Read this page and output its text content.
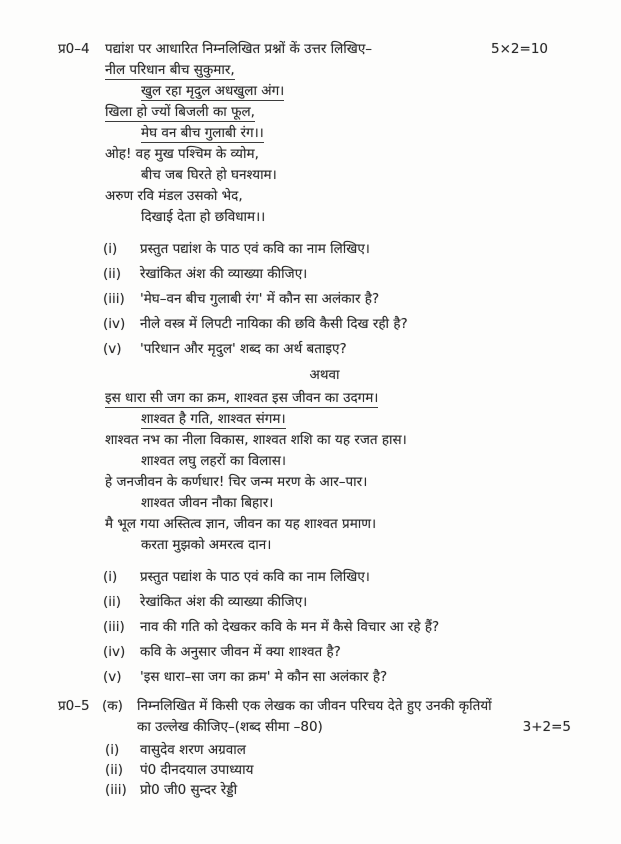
प्र0–4	पद्यांश पर आधारित निम्नलिखित प्रश्नों कें उत्तर लिखिए–	5×2=10
नील परिधान बीच सुकुमार,
खुल रहा मृदुल अधखुला अंग।
खिला हो ज्यों बिजली का फूल,
मेघ वन बीच गुलाबी रंग।।
ओह! वह मुख पश्चिम के व्योम,
बीच जब घिरते हो घनश्याम।
अरुण रवि मंडल उसको भेद,
दिखाई देता हो छविधाम।।
(i)	प्रस्तुत पद्यांश के पाठ एवं कवि का नाम लिखिए।
(ii)	रेखांकित अंश की व्याख्या कीजिए।
(iii)	'मेघ–वन बीच गुलाबी रंग' में कौन सा अलंकार है?
(iv)	नीले वस्त्र में लिपटी नायिका की छवि कैसी दिख रही है?
(v)	'परिधान और मृदुल' शब्द का अर्थ बताइए?
अथवा
इस धारा सी जग का क्रम, शाश्वत इस जीवन का उदगम।
शाश्वत है गति, शाश्वत संगम।
शाश्वत नभ का नीला विकास, शाश्वत शशि का यह रजत हास।
शाश्वत लघु लहरों का विलास।
हे जनजीवन के कर्णधार! चिर जन्म मरण के आर–पार।
शाश्वत जीवन नौका बिहार।
मै भूल गया अस्तित्व ज्ञान, जीवन का यह शाश्वत प्रमाण।
करता मुझको अमरत्व दान।
(i)	प्रस्तुत पद्यांश के पाठ एवं कवि का नाम लिखिए।
(ii)	रेखांकित अंश की व्याख्या कीजिए।
(iii)	नाव की गति को देखकर कवि के मन में कैसे विचार आ रहे हैं?
(iv)	कवि के अनुसार जीवन में क्या शाश्वत है?
(v)	'इस धारा–सा जग का क्रम' मे कौन सा अलंकार है?
प्र0–5 (क)	निम्नलिखित में किसी एक लेखक का जीवन परिचय देते हुए उनकी कृतियों
का उल्लेख कीजिए–(शब्द सीमा –80)	3+2=5
(i)	वासुदेव शरण अग्रवाल
(ii)	पं0 दीनदयाल उपाध्याय
(iii) प्रो0 जी0 सुन्दर रेड्डी
